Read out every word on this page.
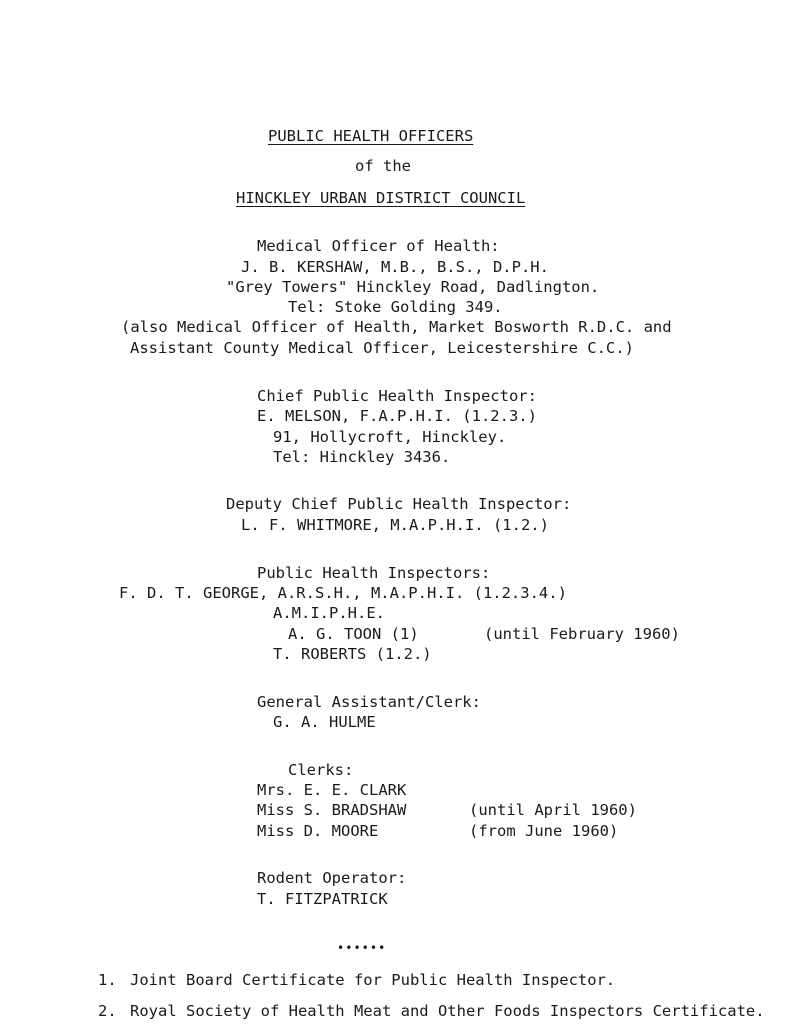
PUBLIC HEALTH OFFICERS
of the
HINCKLEY URBAN DISTRICT COUNCIL
Medical Officer of Health:
J. B. KERSHAW, M.B., B.S., D.P.H.
"Grey Towers" Hinckley Road, Dadlington.
Tel: Stoke Golding 349.
(also Medical Officer of Health, Market Bosworth R.D.C. and
Assistant County Medical Officer, Leicestershire C.C.)
Chief Public Health Inspector:
E. MELSON, F.A.P.H.I. (1.2.3.)
91, Hollycroft, Hinckley.
Tel: Hinckley 3436.
Deputy Chief Public Health Inspector:
L. F. WHITMORE, M.A.P.H.I. (1.2.)
Public Health Inspectors:
F. D. T. GEORGE, A.R.S.H., M.A.P.H.I. (1.2.3.4.)
A.M.I.P.H.E.
A. G. TOON (1)	(until February 1960)
T. ROBERTS (1.2.)
General Assistant/Clerk:
G. A. HULME
Clerks:
Mrs. E. E. CLARK
Miss S. BRADSHAW	(until April 1960)
Miss D. MOORE	(from June 1960)
Rodent Operator:
T. FITZPATRICK
••••••
1. Joint Board Certificate for Public Health Inspector.
2. Royal Society of Health Meat and Other Foods Inspectors Certificate.
